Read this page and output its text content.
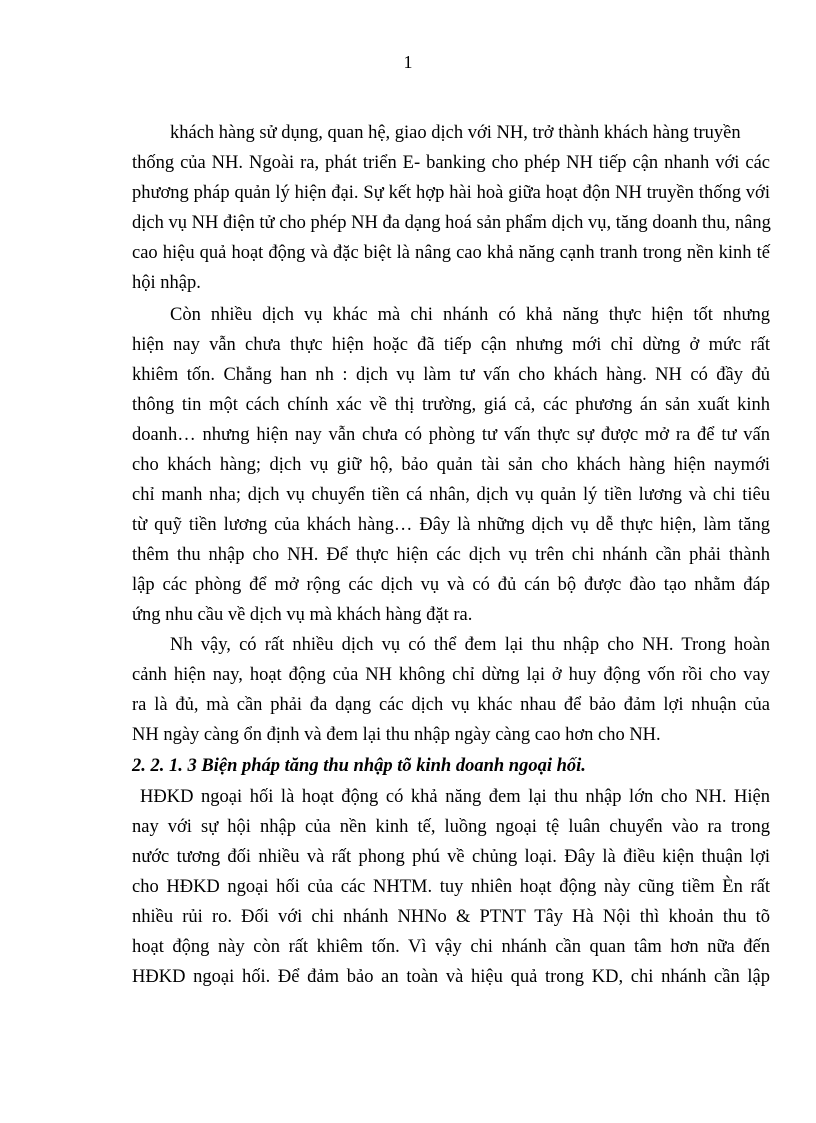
1
khách hàng sử dụng, quan hệ, giao dịch với NH, trở thành khách hàng truyền
thống của NH. Ngoài ra, phát triển E- banking cho phép NH tiếp cận nhanh với các
phương pháp quản lý hiện đại. Sự kết hợp hài hoà giữa hoạt độn NH truyền thống với
dịch vụ NH điện tử cho phép NH đa dạng hoá sản phẩm dịch vụ, tăng doanh thu, nâng
cao hiệu quả hoạt động và đặc biệt là nâng cao khả năng cạnh tranh trong nền kinh tế
hội nhập.
Còn nhiều dịch vụ khác mà chi nhánh có khả năng thực hiện tốt nhưng
hiện nay vẫn chưa thực hiện hoặc đã tiếp cận nhưng mới chỉ dừng ở mức rất
khiêm tốn. Chẳng han nh : dịch vụ làm tư vấn cho khách hàng. NH có đầy đủ
thông tin một cách chính xác về thị trường, giá cả, các phương án sản xuất kinh
doanh… nhưng hiện nay vẫn chưa có phòng tư vấn thực sự được mở ra để tư vấn
cho khách hàng; dịch vụ giữ hộ, bảo quản tài sản cho khách hàng hiện naymới
chỉ manh nha; dịch vụ chuyển tiền cá nhân, dịch vụ quản lý tiền lương và chi tiêu
từ quỹ tiền lương của khách hàng… Đây là những dịch vụ dễ thực hiện, làm tăng
thêm thu nhập cho NH. Để thực hiện các dịch vụ trên chi nhánh cần phải thành
lập các phòng để mở rộng các dịch vụ và có đủ cán bộ được đào tạo nhằm đáp
ứng nhu cầu về dịch vụ mà khách hàng đặt ra.
Nh vậy, có rất nhiều dịch vụ có thể đem lại thu nhập cho NH. Trong hoàn
cảnh hiện nay, hoạt động của NH không chỉ dừng lại ở huy động vốn rồi cho vay
ra là đủ, mà cần phải đa dạng các dịch vụ khác nhau để bảo đảm lợi nhuận của
NH ngày càng ổn định và đem lại thu nhập ngày càng cao hơn cho NH.
2. 2. 1. 3 Biện pháp tăng thu nhập tõ kinh doanh ngoại hối.
HĐKD ngoại hối là hoạt động có khả năng đem lại thu nhập lớn cho NH. Hiện
nay với sự hội nhập của nền kinh tế, luồng ngoại tệ luân chuyển vào ra trong
nước tương đối nhiều và rất phong phú về chủng loại. Đây là điều kiện thuận lợi
cho HĐKD ngoại hối của các NHTM. tuy nhiên hoạt động này cũng tiềm Èn rất
nhiều rủi ro. Đối với chi nhánh NHNo & PTNT Tây Hà Nội thì khoản thu tõ
hoạt động này còn rất khiêm tốn. Vì vậy chi nhánh cần quan tâm hơn nữa đến
HĐKD ngoại hối. Để đảm bảo an toàn và hiệu quả trong KD, chi nhánh cần lập
